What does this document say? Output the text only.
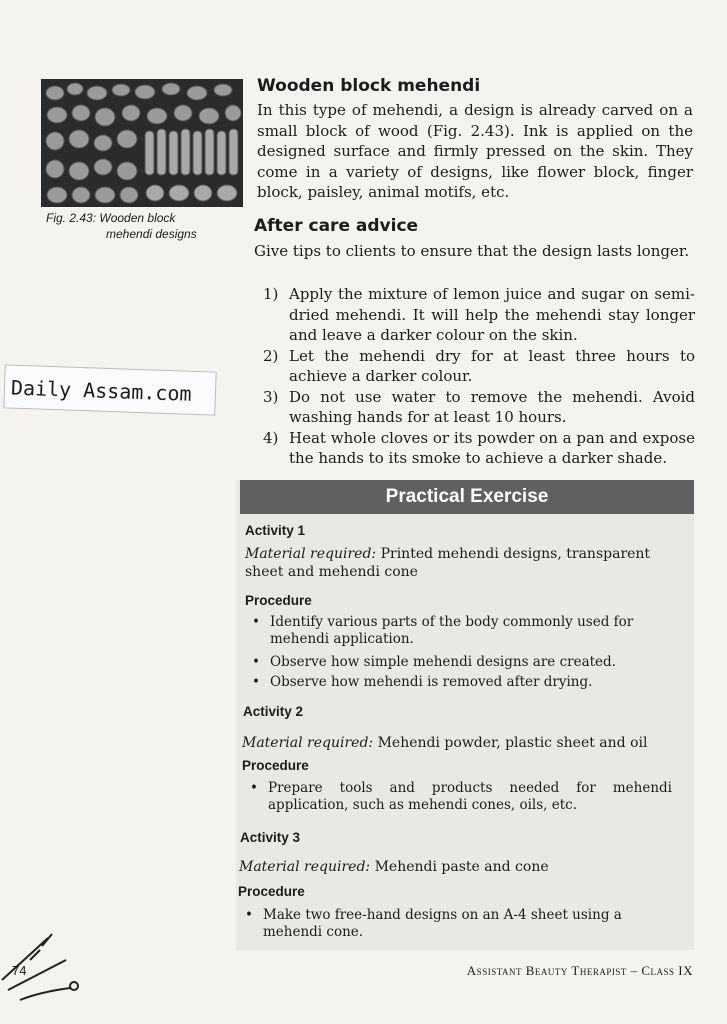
Fig. 2.43: Wooden block
mehendi designs
Daily Assam.com
Wooden block mehendi
In this type of mehendi, a design is already carved on a small block of wood (Fig. 2.43). Ink is applied on the designed surface and firmly pressed on the skin. They come in a variety of designs, like flower block, finger block, paisley, animal motifs, etc.
After care advice
Give tips to clients to ensure that the design lasts longer.
1) Apply the mixture of lemon juice and sugar on semi-dried mehendi. It will help the mehendi stay longer and leave a darker colour on the skin.
2) Let the mehendi dry for at least three hours to achieve a darker colour.
3) Do not use water to remove the mehendi. Avoid washing hands for at least 10 hours.
4) Heat whole cloves or its powder on a pan and expose the hands to its smoke to achieve a darker shade.
Practical Exercise
Activity 1
Material required: Printed mehendi designs, transparent sheet and mehendi cone
Procedure
• Identify various parts of the body commonly used for mehendi application.
• Observe how simple mehendi designs are created.
• Observe how mehendi is removed after drying.
Activity 2
Material required: Mehendi powder, plastic sheet and oil
Procedure
• Prepare tools and products needed for mehendi application, such as mehendi cones, oils, etc.
Activity 3
Material required: Mehendi paste and cone
Procedure
• Make two free-hand designs on an A-4 sheet using a mehendi cone.
74	Assistant Beauty Therapist – Class IX
